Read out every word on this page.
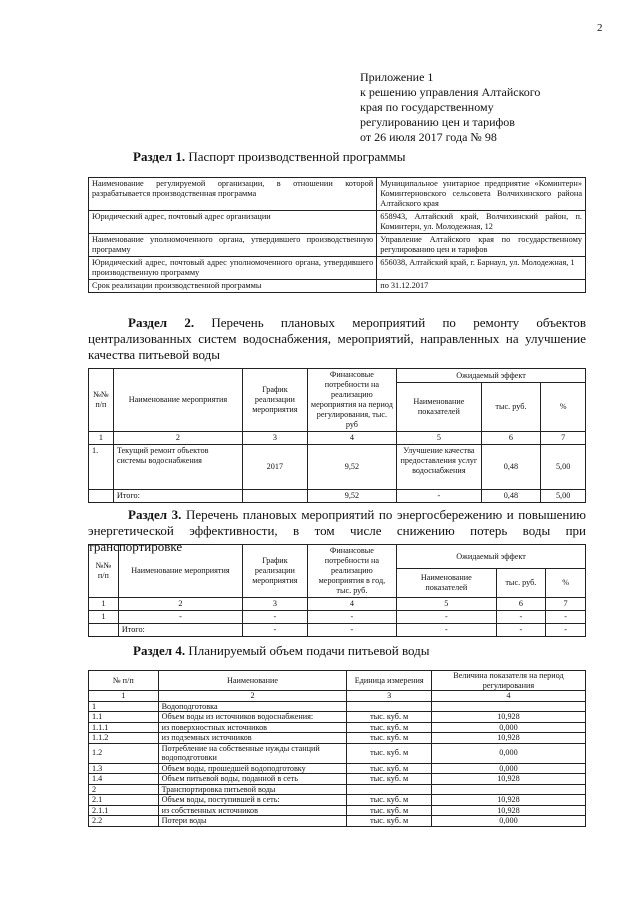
2
Приложение 1
к решению управления Алтайского
края по государственному
регулированию цен и тарифов
от 26 июля 2017 года № 98
Раздел 1. Паспорт производственной программы
Наименование регулируемой организации, в отношении которой разрабатывается производственная программа	Муниципальное унитарное предприятие «Коминтерн» Коминтерновского сельсовета Волчихинского района Алтайского края
Юридический адрес, почтовый адрес организации	658943, Алтайский край, Волчихинский район, п. Коминтерн, ул. Молодежная, 12
Наименование уполномоченного органа, утвердившего производственную программу	Управление Алтайского края по государственному регулированию цен и тарифов
Юридический адрес, почтовый адрес уполномоченного органа, утвердившего производственную программу	656038, Алтайский край, г. Барнаул, ул. Молодежная, 1
Срок реализации производственной программы	по 31.12.2017
Раздел 2. Перечень плановых мероприятий по ремонту объектов централизованных систем водоснабжения, мероприятий, направленных на улучшение качества питьевой воды
№№ п/п	Наименование мероприятия	График реализации мероприятия	Финансовые потребности на реализацию мероприятия на период регулирования, тыс. руб	Ожидаемый эффект		
				Наименование показателей	тыс. руб.	%
1	2	3	4	5	6	7
1.	Текущий ремонт объектов системы водоснабжения	2017	9,52	Улучшение качества предоставления услуг водоснабжения	0,48	5,00
	Итого:		9,52	-	0,48	5,00
Раздел 3. Перечень плановых мероприятий по энергосбережению и повышению энергетической эффективности, в том числе снижению потерь воды при транспортировке
№№ п/п	Наименование мероприятия	График реализации мероприятия	Финансовые потребности на реализацию мероприятия в год, тыс. руб.	Ожидаемый эффект		
				Наименование показателей	тыс. руб.	%
1	2	3	4	5	6	7
1	-	-	-	-	-	-
	Итого:	-	-	-	-	-
Раздел 4. Планируемый объем подачи питьевой воды
№ п/п	Наименование	Единица измерения	Величина показателя на период регулирования
1	2	3	4
1	Водоподготовка		
1.1	Объем воды из источников водоснабжения:	тыс. куб. м	10,928
1.1.1	из поверхностных источников	тыс. куб. м	0,000
1.1.2	из подземных источников	тыс. куб. м	10,928
1.2	Потребление на собственные нужды станций водоподготовки	тыс. куб. м	0,000
1.3	Объем воды, прошедшей водоподготовку	тыс. куб. м	0,000
1.4	Объем питьевой воды, поданной в сеть	тыс. куб. м	10,928
2	Транспортировка питьевой воды		
2.1	Объем воды, поступившей в сеть:	тыс. куб. м	10,928
2.1.1	из собственных источников	тыс. куб. м	10,928
2.2	Потери воды	тыс. куб. м	0,000
